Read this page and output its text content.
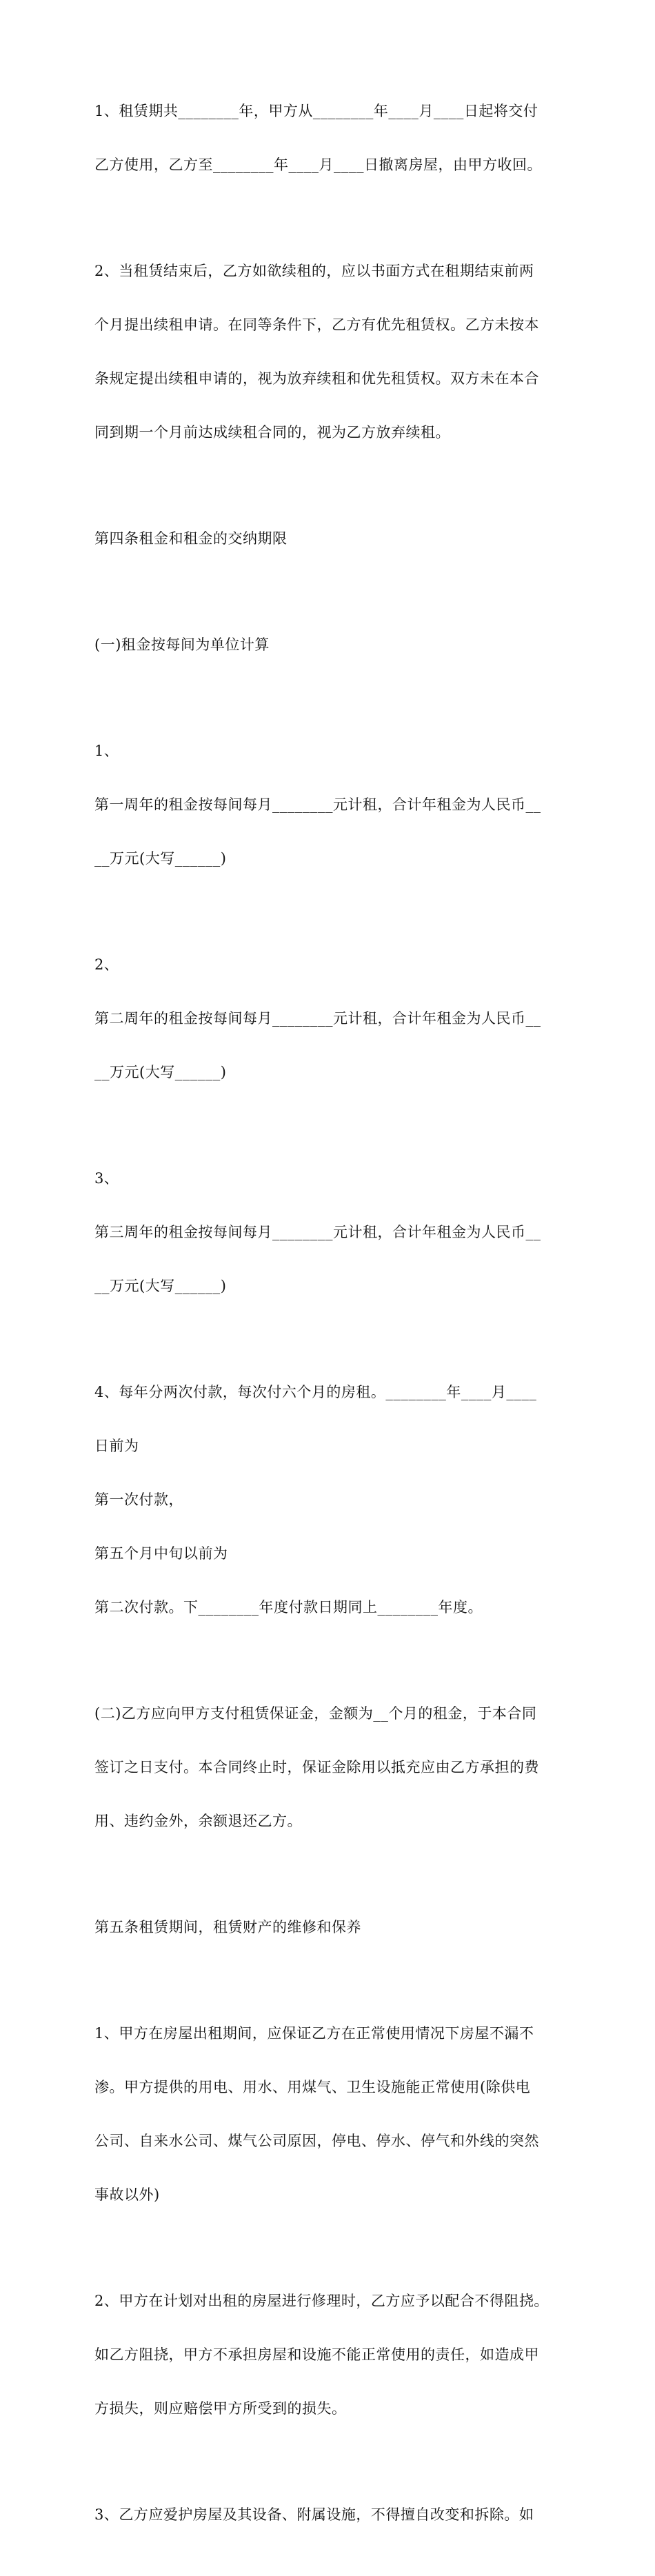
1、租赁期共________年，甲方从________年____月____日起将交付

乙方使用，乙方至________年____月____日撤离房屋，由甲方收回。

2、当租赁结束后，乙方如欲续租的，应以书面方式在租期结束前两

个月提出续租申请。在同等条件下，乙方有优先租赁权。乙方未按本

条规定提出续租申请的，视为放弃续租和优先租赁权。双方未在本合

同到期一个月前达成续租合同的，视为乙方放弃续租。

第四条租金和租金的交纳期限

(一)租金按每间为单位计算

1、

第一周年的租金按每间每月________元计租，合计年租金为人民币__

__万元(大写______)

2、

第二周年的租金按每间每月________元计租，合计年租金为人民币__

__万元(大写______)

3、

第三周年的租金按每间每月________元计租，合计年租金为人民币__

__万元(大写______)

4、每年分两次付款，每次付六个月的房租。________年____月____

日前为

第一次付款，

第五个月中旬以前为

第二次付款。下________年度付款日期同上________年度。

(二)乙方应向甲方支付租赁保证金，金额为__个月的租金，于本合同

签订之日支付。本合同终止时，保证金除用以抵充应由乙方承担的费

用、违约金外，余额退还乙方。

第五条租赁期间，租赁财产的维修和保养

1、甲方在房屋出租期间，应保证乙方在正常使用情况下房屋不漏不

渗。甲方提供的用电、用水、用煤气、卫生设施能正常使用(除供电

公司、自来水公司、煤气公司原因，停电、停水、停气和外线的突然

事故以外)

2、甲方在计划对出租的房屋进行修理时，乙方应予以配合不得阻挠。

如乙方阻挠，甲方不承担房屋和设施不能正常使用的责任，如造成甲

方损失，则应赔偿甲方所受到的损失。

3、乙方应爱护房屋及其设备、附属设施，不得擅自改变和拆除。如
